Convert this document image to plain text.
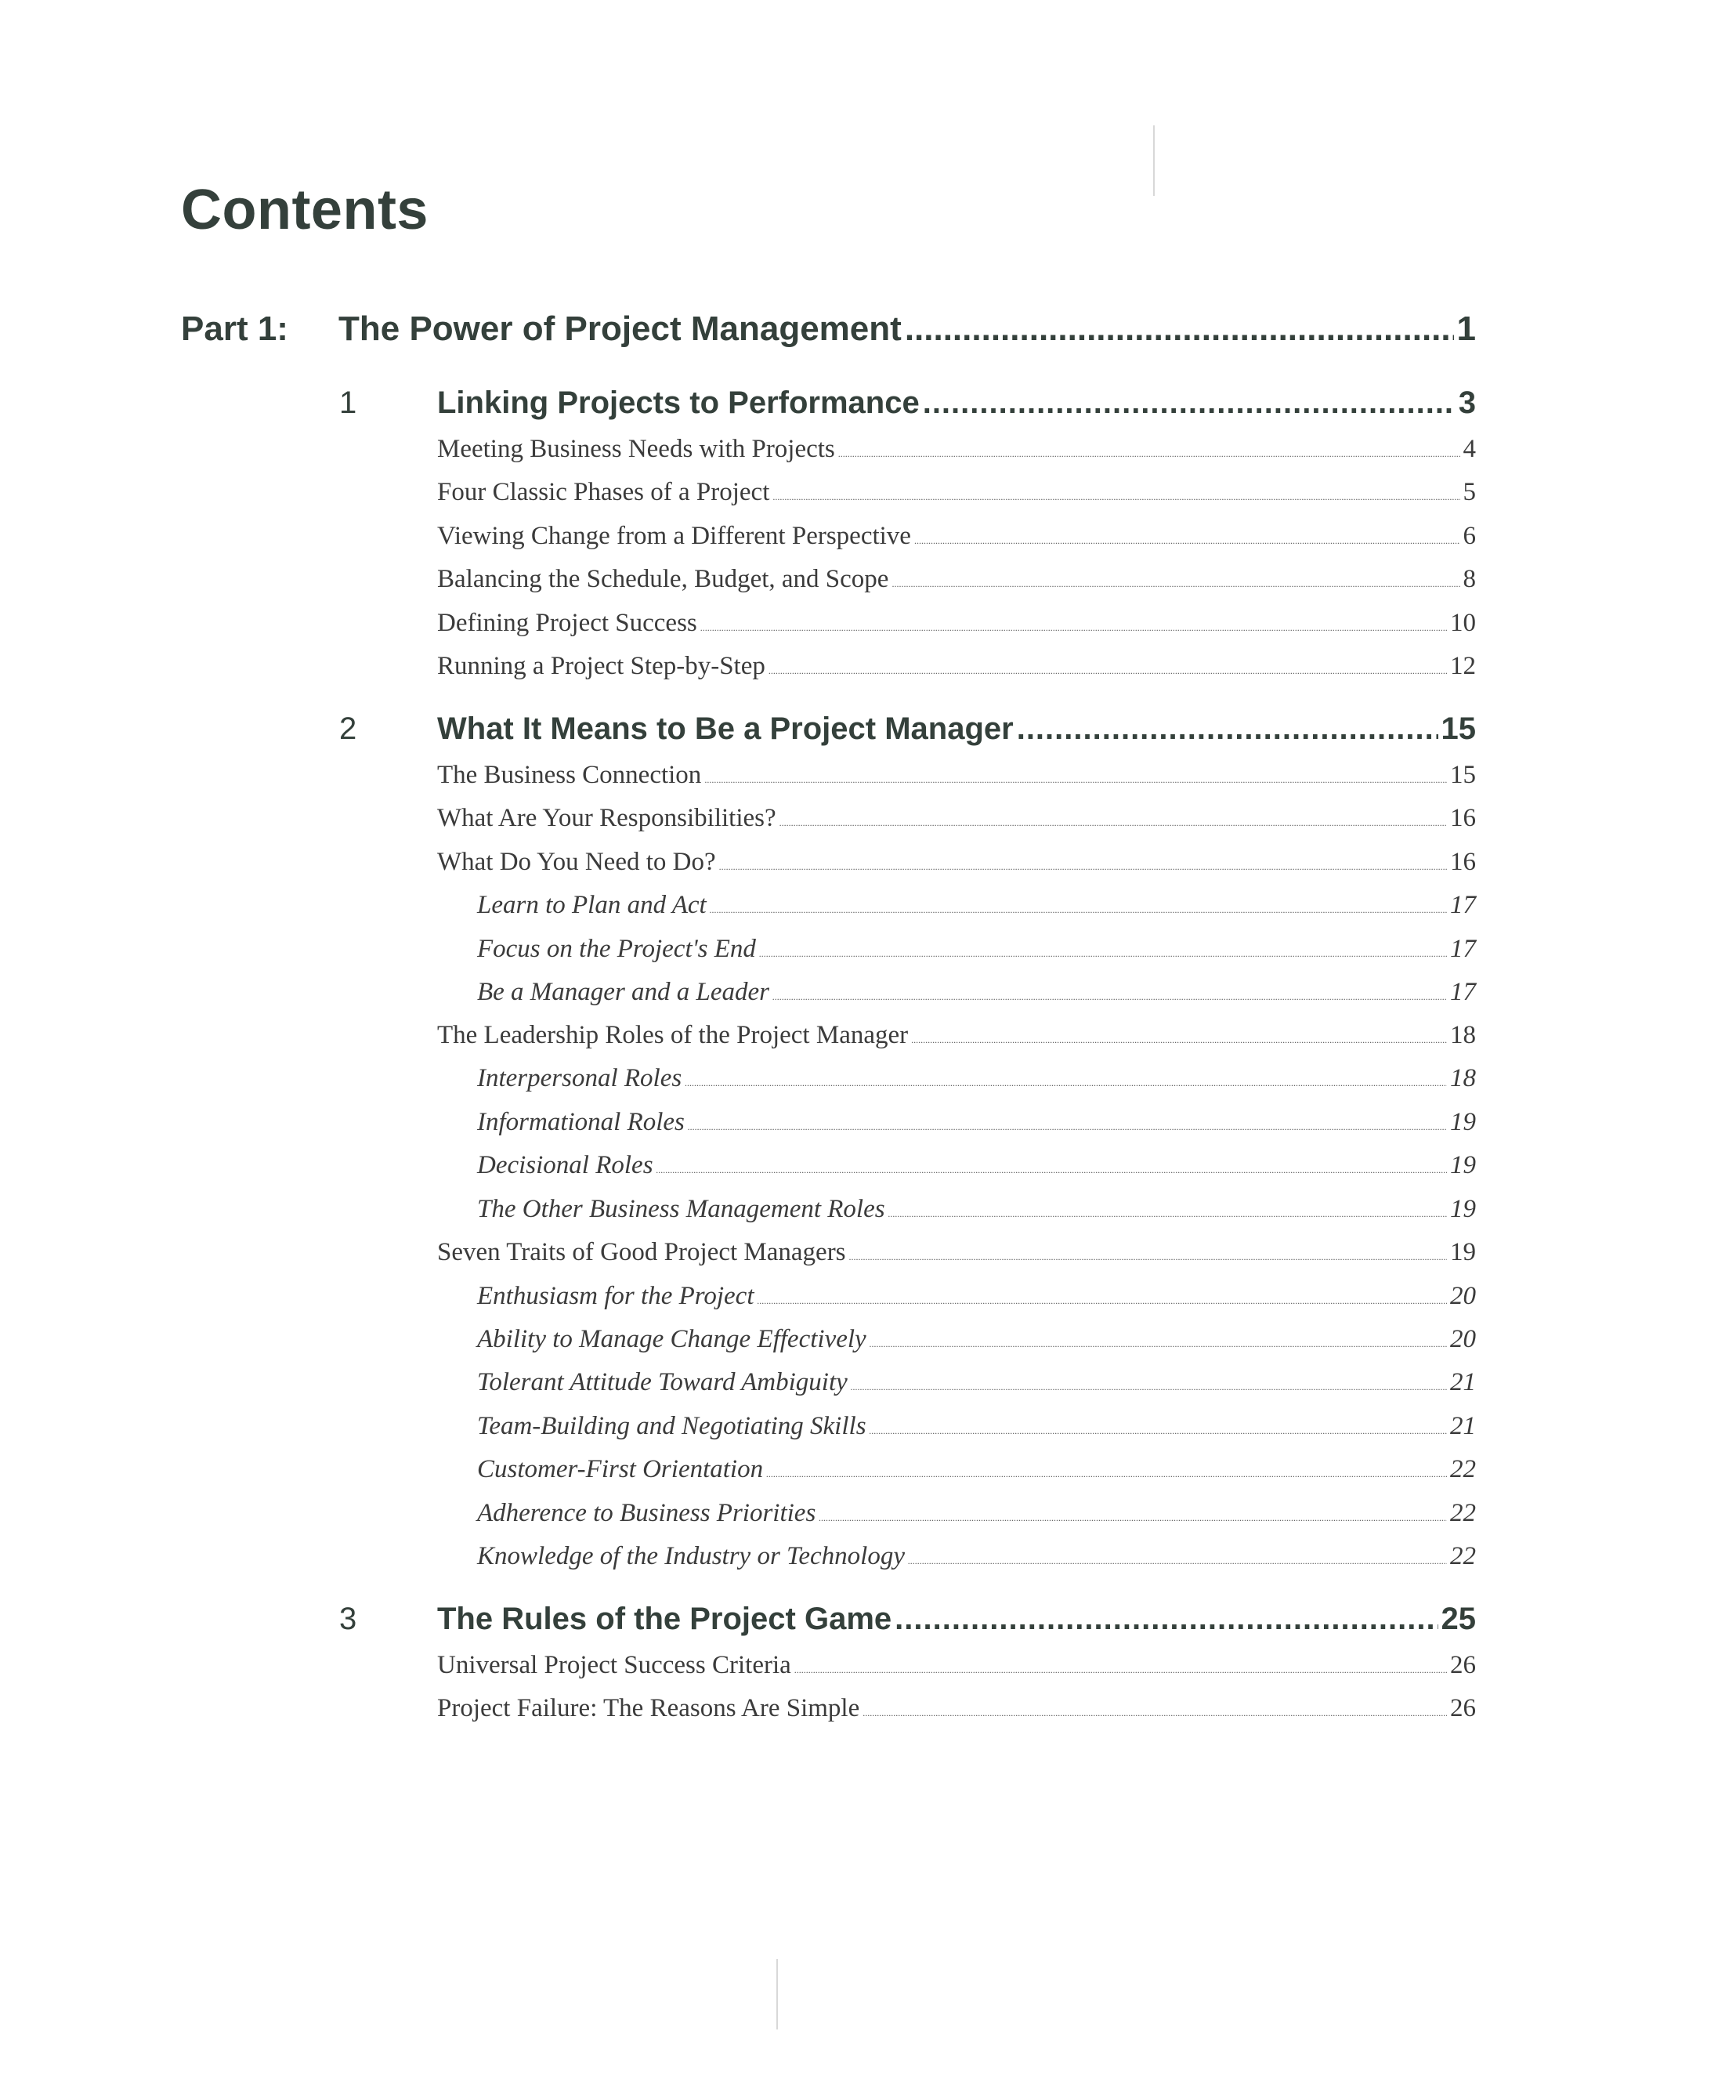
Contents
Part 1: The Power of Project Management .....	1
1	Linking Projects to Performance .....	3
Meeting Business Needs with Projects .....	4
Four Classic Phases of a Project .....	5
Viewing Change from a Different Perspective .....	6
Balancing the Schedule, Budget, and Scope .....	8
Defining Project Success .....	10
Running a Project Step-by-Step .....	12
2	What It Means to Be a Project Manager .....	15
The Business Connection .....	15
What Are Your Responsibilities? .....	16
What Do You Need to Do? .....	16
Learn to Plan and Act .....	17
Focus on the Project's End .....	17
Be a Manager and a Leader .....	17
The Leadership Roles of the Project Manager .....	18
Interpersonal Roles .....	18
Informational Roles .....	19
Decisional Roles .....	19
The Other Business Management Roles .....	19
Seven Traits of Good Project Managers .....	19
Enthusiasm for the Project .....	20
Ability to Manage Change Effectively .....	20
Tolerant Attitude Toward Ambiguity .....	21
Team-Building and Negotiating Skills .....	21
Customer-First Orientation .....	22
Adherence to Business Priorities .....	22
Knowledge of the Industry or Technology .....	22
3	The Rules of the Project Game .....	25
Universal Project Success Criteria .....	26
Project Failure: The Reasons Are Simple .....	26
